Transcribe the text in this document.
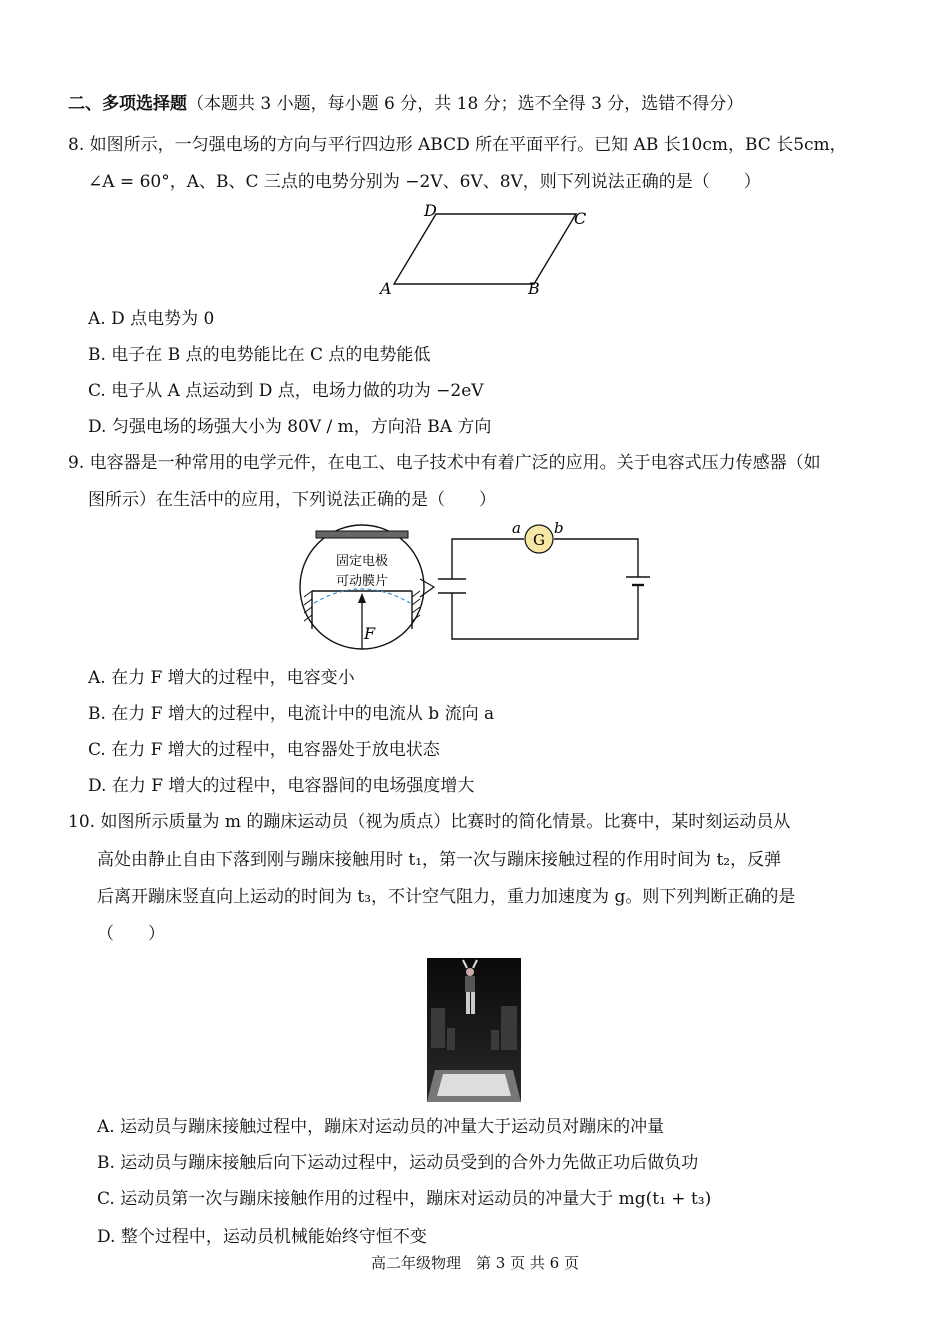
二、多项选择题（本题共 3 小题，每小题 6 分，共 18 分；选不全得 3 分，选错不得分）
8. 如图所示，一匀强电场的方向与平行四边形 ABCD 所在平面平行。已知 AB 长10cm，BC 长5cm，
∠A = 60°，A、B、C 三点的电势分别为 −2V、6V、8V，则下列说法正确的是（　　）
A	B
C
D
A. D 点电势为 0
B. 电子在 B 点的电势能比在 C 点的电势能低
C. 电子从 A 点运动到 D 点，电场力做的功为 −2eV
D. 匀强电场的场强大小为 80V / m，方向沿 BA 方向
9. 电容器是一种常用的电学元件，在电工、电子技术中有着广泛的应用。关于电容式压力传感器（如
图所示）在生活中的应用，下列说法正确的是（　　）
固定电极
可动膜片
F
G
a b
A. 在力 F 增大的过程中，电容变小
B. 在力 F 增大的过程中，电流计中的电流从 b 流向 a
C. 在力 F 增大的过程中，电容器处于放电状态
D. 在力 F 增大的过程中，电容器间的电场强度增大
10. 如图所示质量为 m 的蹦床运动员（视为质点）比赛时的简化情景。比赛中，某时刻运动员从
高处由静止自由下落到刚与蹦床接触用时 t₁，第一次与蹦床接触过程的作用时间为 t₂，反弹
后离开蹦床竖直向上运动的时间为 t₃，不计空气阻力，重力加速度为 g。则下列判断正确的是
（　　）
A. 运动员与蹦床接触过程中，蹦床对运动员的冲量大于运动员对蹦床的冲量
B. 运动员与蹦床接触后向下运动过程中，运动员受到的合外力先做正功后做负功
C. 运动员第一次与蹦床接触作用的过程中，蹦床对运动员的冲量大于 mg(t₁ + t₃)
D. 整个过程中，运动员机械能始终守恒不变
高二年级物理　第 3 页 共 6 页
